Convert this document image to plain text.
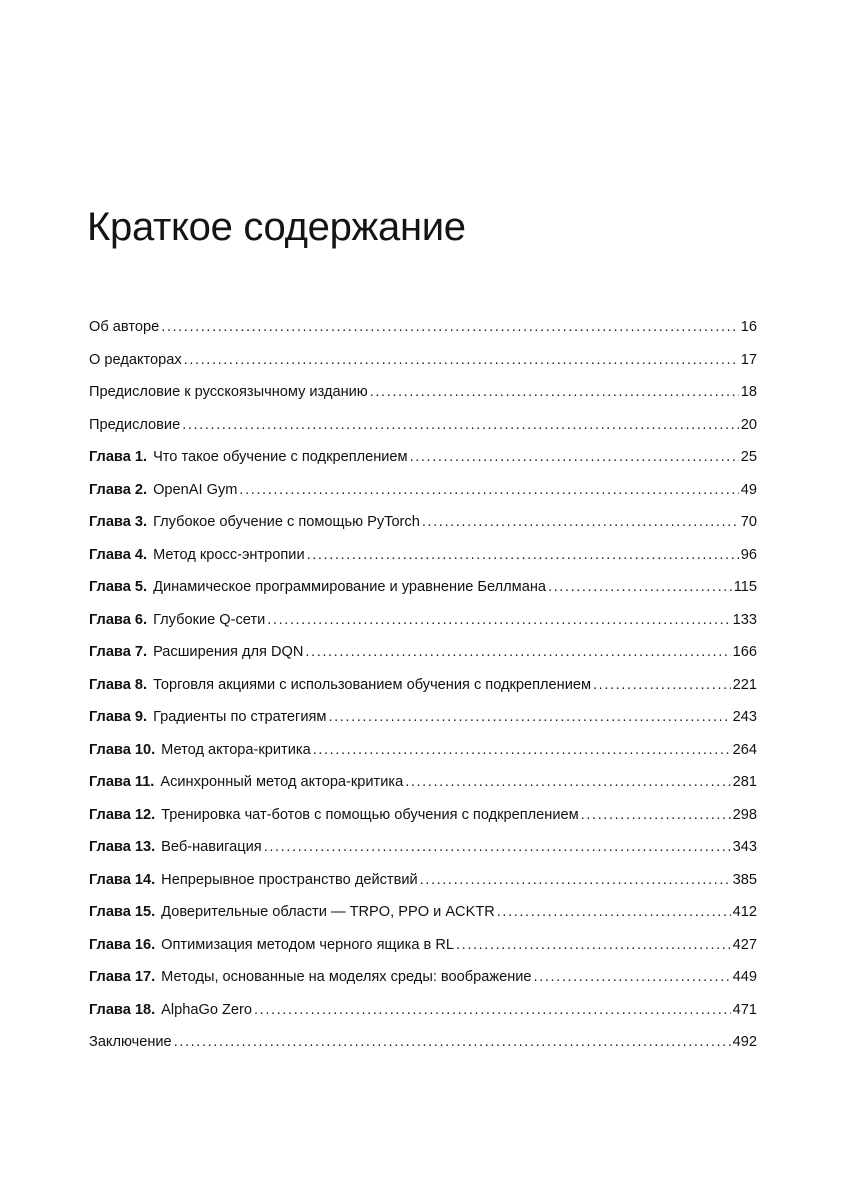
Краткое содержание
Об авторе .....	16
О редакторах .....	17
Предисловие к русскоязычному изданию .....	18
Предисловие .....	20
Глава 1. Что такое обучение с подкреплением .....	25
Глава 2. OpenAI Gym .....	49
Глава 3. Глубокое обучение с помощью PyTorch .....	70
Глава 4. Метод кросс-энтропии .....	96
Глава 5. Динамическое программирование и уравнение Беллмана .....	115
Глава 6. Глубокие Q-сети .....	133
Глава 7. Расширения для DQN .....	166
Глава 8. Торговля акциями с использованием обучения с подкреплением .....	221
Глава 9. Градиенты по стратегиям .....	243
Глава 10. Метод актора-критика .....	264
Глава 11. Асинхронный метод актора-критика .....	281
Глава 12. Тренировка чат-ботов с помощью обучения с подкреплением .....	298
Глава 13. Веб-навигация .....	343
Глава 14. Непрерывное пространство действий .....	385
Глава 15. Доверительные области — TRPO, PPO и ACKTR .....	412
Глава 16. Оптимизация методом черного ящика в RL .....	427
Глава 17. Методы, основанные на моделях среды: воображение .....	449
Глава 18. AlphaGo Zero .....	471
Заключение .....	492
